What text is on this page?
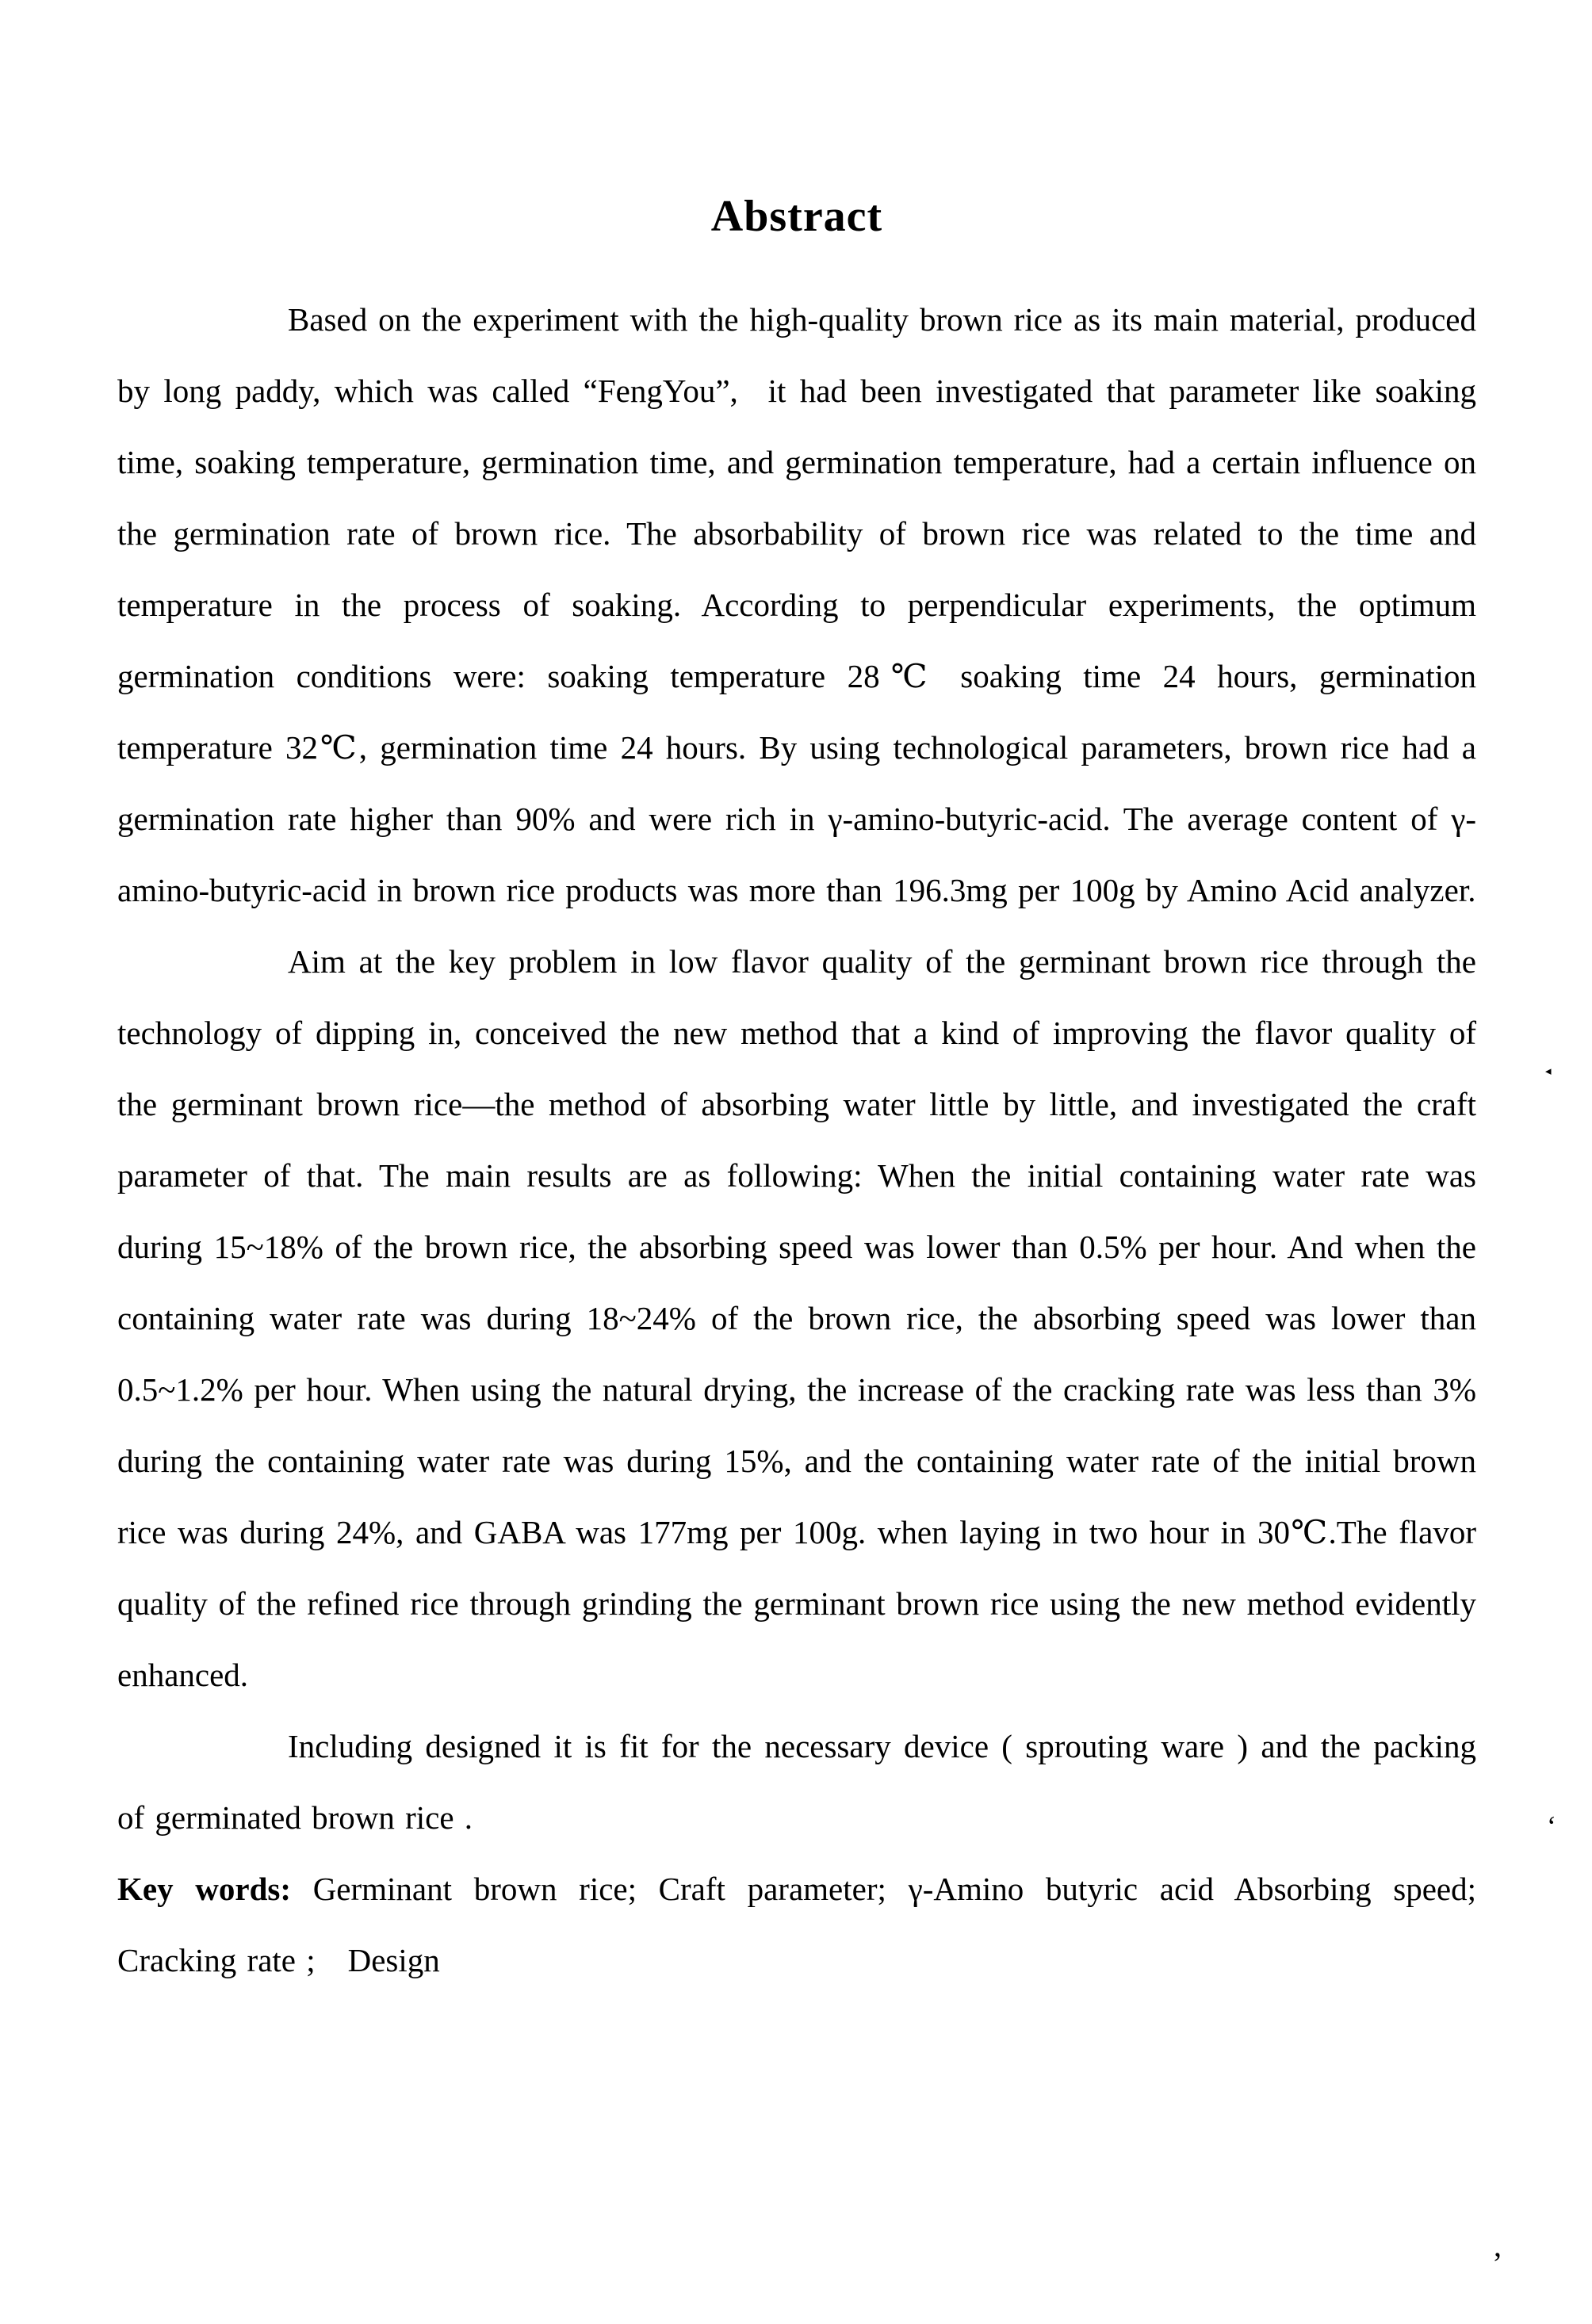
Abstract

Based on the experiment with the high-quality brown rice as its main material, produced by long paddy, which was called “FengYou”,  it had been investigated that parameter like soaking time, soaking temperature, germination time, and germination temperature, had a certain influence on the germination rate of brown rice. The absorbability of brown rice was related to the time and temperature in the process of soaking. According to perpendicular experiments, the optimum germination conditions were: soaking temperature 28℃ soaking time 24 hours, germination temperature 32℃, germination time 24 hours. By using technological parameters, brown rice had a germination rate higher than 90% and were rich in γ-amino-butyric-acid. The average content of γ-amino-butyric-acid in brown rice products was more than 196.3mg per 100g by Amino Acid analyzer.

Aim at the key problem in low flavor quality of the germinant brown rice through the technology of dipping in, conceived the new method that a kind of improving the flavor quality of the germinant brown rice—the method of absorbing water little by little, and investigated the craft parameter of that. The main results are as following: When the initial containing water rate was during 15~18% of the brown rice, the absorbing speed was lower than 0.5% per hour. And when the containing water rate was during 18~24% of the brown rice, the absorbing speed was lower than 0.5~1.2% per hour. When using the natural drying, the increase of the cracking rate was less than 3% during the containing water rate was during 15%, and the containing water rate of the initial brown rice was during 24%, and GABA was 177mg per 100g. when laying in two hour in 30℃.The flavor quality of the refined rice through grinding the germinant brown rice using the new method evidently enhanced.

Including designed it is fit for the necessary device ( sprouting ware ) and the packing of germinated brown rice .

Key words: Germinant brown rice; Craft parameter; γ-Amino butyric acid Absorbing speed; Cracking rate ; Design

◂
‘
’
